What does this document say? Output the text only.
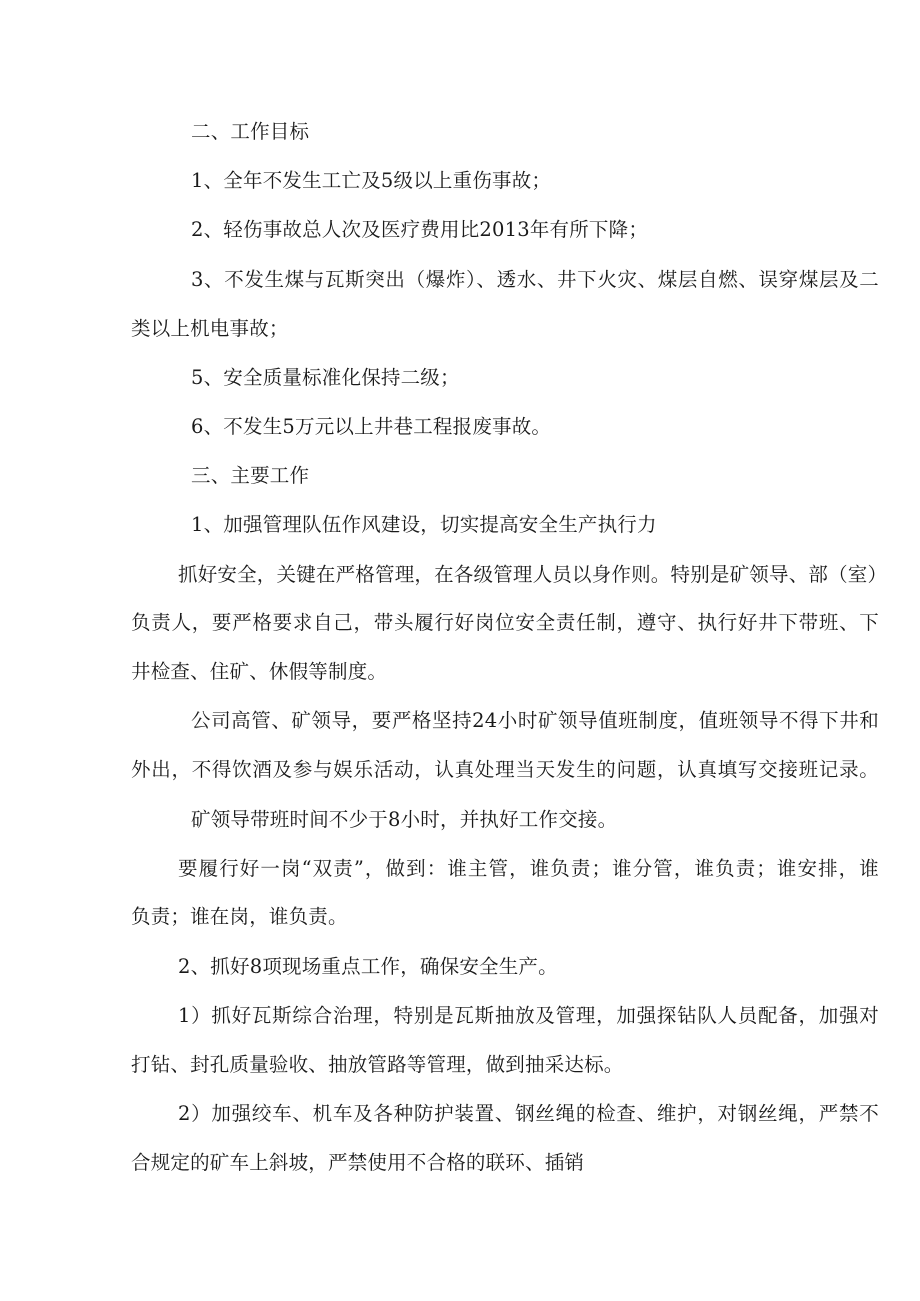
二、工作目标
1、全年不发生工亡及5级以上重伤事故；
2、轻伤事故总人次及医疗费用比2013年有所下降；
3、不发生煤与瓦斯突出（爆炸）、透水、井下火灾、煤层自燃、误穿煤层及二
类以上机电事故；
5、安全质量标准化保持二级；
6、不发生5万元以上井巷工程报废事故。
三、主要工作
1、加强管理队伍作风建设，切实提高安全生产执行力
抓好安全，关键在严格管理，在各级管理人员以身作则。特别是矿领导、部（室）
负责人，要严格要求自己，带头履行好岗位安全责任制，遵守、执行好井下带班、下
井检查、住矿、休假等制度。
公司高管、矿领导，要严格坚持24小时矿领导值班制度，值班领导不得下井和
外出，不得饮酒及参与娱乐活动，认真处理当天发生的问题，认真填写交接班记录。
矿领导带班时间不少于8小时，并执好工作交接。
要履行好一岗“双责”，做到：谁主管，谁负责；谁分管，谁负责；谁安排，谁
负责；谁在岗，谁负责。
2、抓好8项现场重点工作，确保安全生产。
1）抓好瓦斯综合治理，特别是瓦斯抽放及管理，加强探钻队人员配备，加强对
打钻、封孔质量验收、抽放管路等管理，做到抽采达标。
2）加强绞车、机车及各种防护装置、钢丝绳的检查、维护，对钢丝绳，严禁不
合规定的矿车上斜坡，严禁使用不合格的联环、插销
